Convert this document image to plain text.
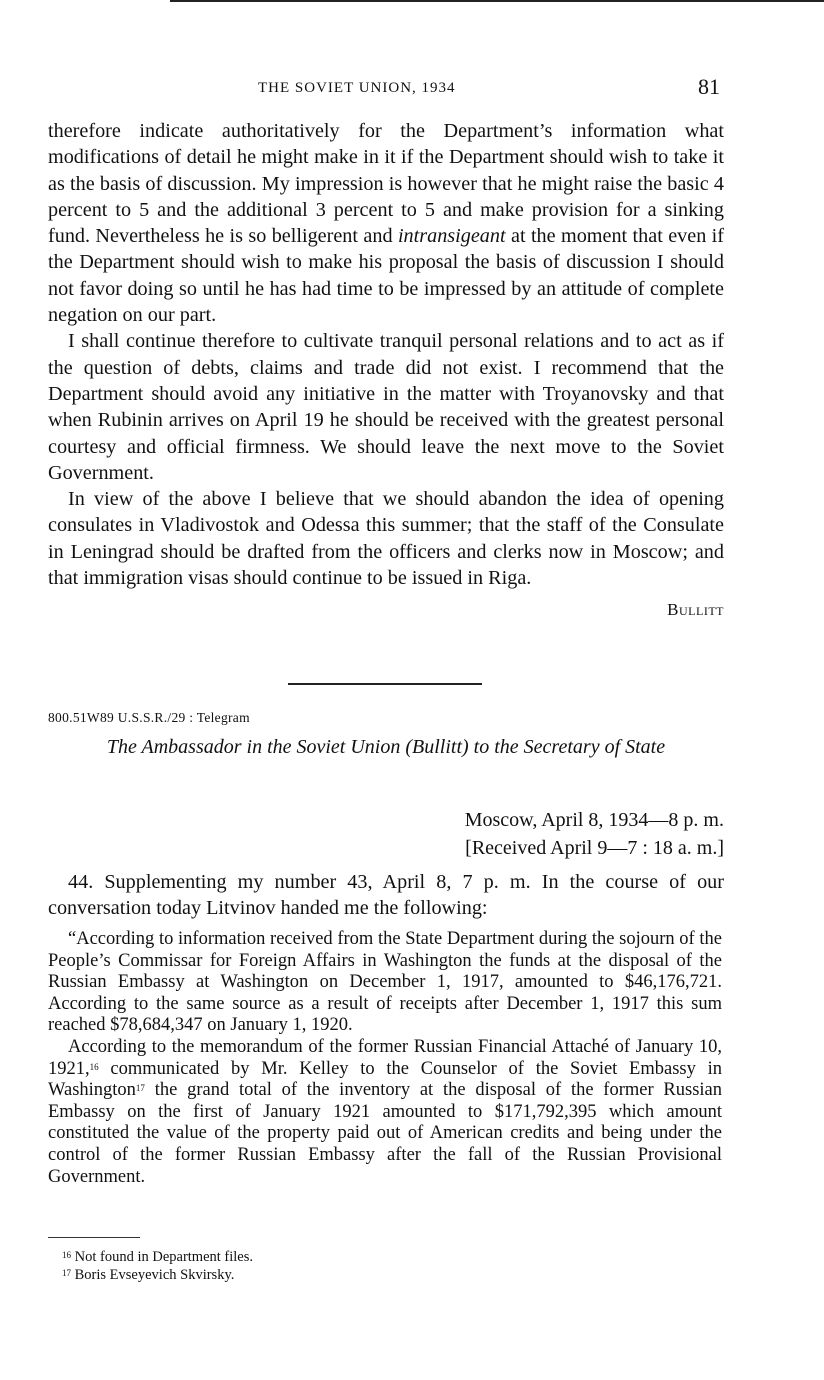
THE SOVIET UNION, 1934	81

therefore indicate authoritatively for the Department’s information what modifications of detail he might make in it if the Department should wish to take it as the basis of discussion. My impression is however that he might raise the basic 4 percent to 5 and the additional 3 percent to 5 and make provision for a sinking fund. Nevertheless he is so belligerent and intransigeant at the moment that even if the Department should wish to make his proposal the basis of discussion I should not favor doing so until he has had time to be impressed by an attitude of complete negation on our part.

I shall continue therefore to cultivate tranquil personal relations and to act as if the question of debts, claims and trade did not exist. I recommend that the Department should avoid any initiative in the matter with Troyanovsky and that when Rubinin arrives on April 19 he should be received with the greatest personal courtesy and official firmness. We should leave the next move to the Soviet Government.

In view of the above I believe that we should abandon the idea of opening consulates in Vladivostok and Odessa this summer; that the staff of the Consulate in Leningrad should be drafted from the officers and clerks now in Moscow; and that immigration visas should continue to be issued in Riga.

Bullitt

800.51W89 U.S.S.R./29 : Telegram
The Ambassador in the Soviet Union (Bullitt) to the Secretary of State
Moscow, April 8, 1934—8 p. m.
[Received April 9—7 : 18 a. m.]

44. Supplementing my number 43, April 8, 7 p. m. In the course of our conversation today Litvinov handed me the following:

“According to information received from the State Department during the sojourn of the People’s Commissar for Foreign Affairs in Washington the funds at the disposal of the Russian Embassy at Washington on December 1, 1917, amounted to $46,176,721. According to the same source as a result of receipts after December 1, 1917 this sum reached $78,684,347 on January 1, 1920.

According to the memorandum of the former Russian Financial Attaché of January 10, 1921,16 communicated by Mr. Kelley to the Counselor of the Soviet Embassy in Washington$^{17}$ the grand total of the inventory at the disposal of the former Russian Embassy on the first of January 1921 amounted to $171,792,395 which amount constituted the value of the property paid out of American credits and being under the control of the former Russian Embassy after the fall of the Russian Provisional Government.

$^{16}$ Not found in Department files.
$^{17}$ Boris Evseyevich Skvirsky.
